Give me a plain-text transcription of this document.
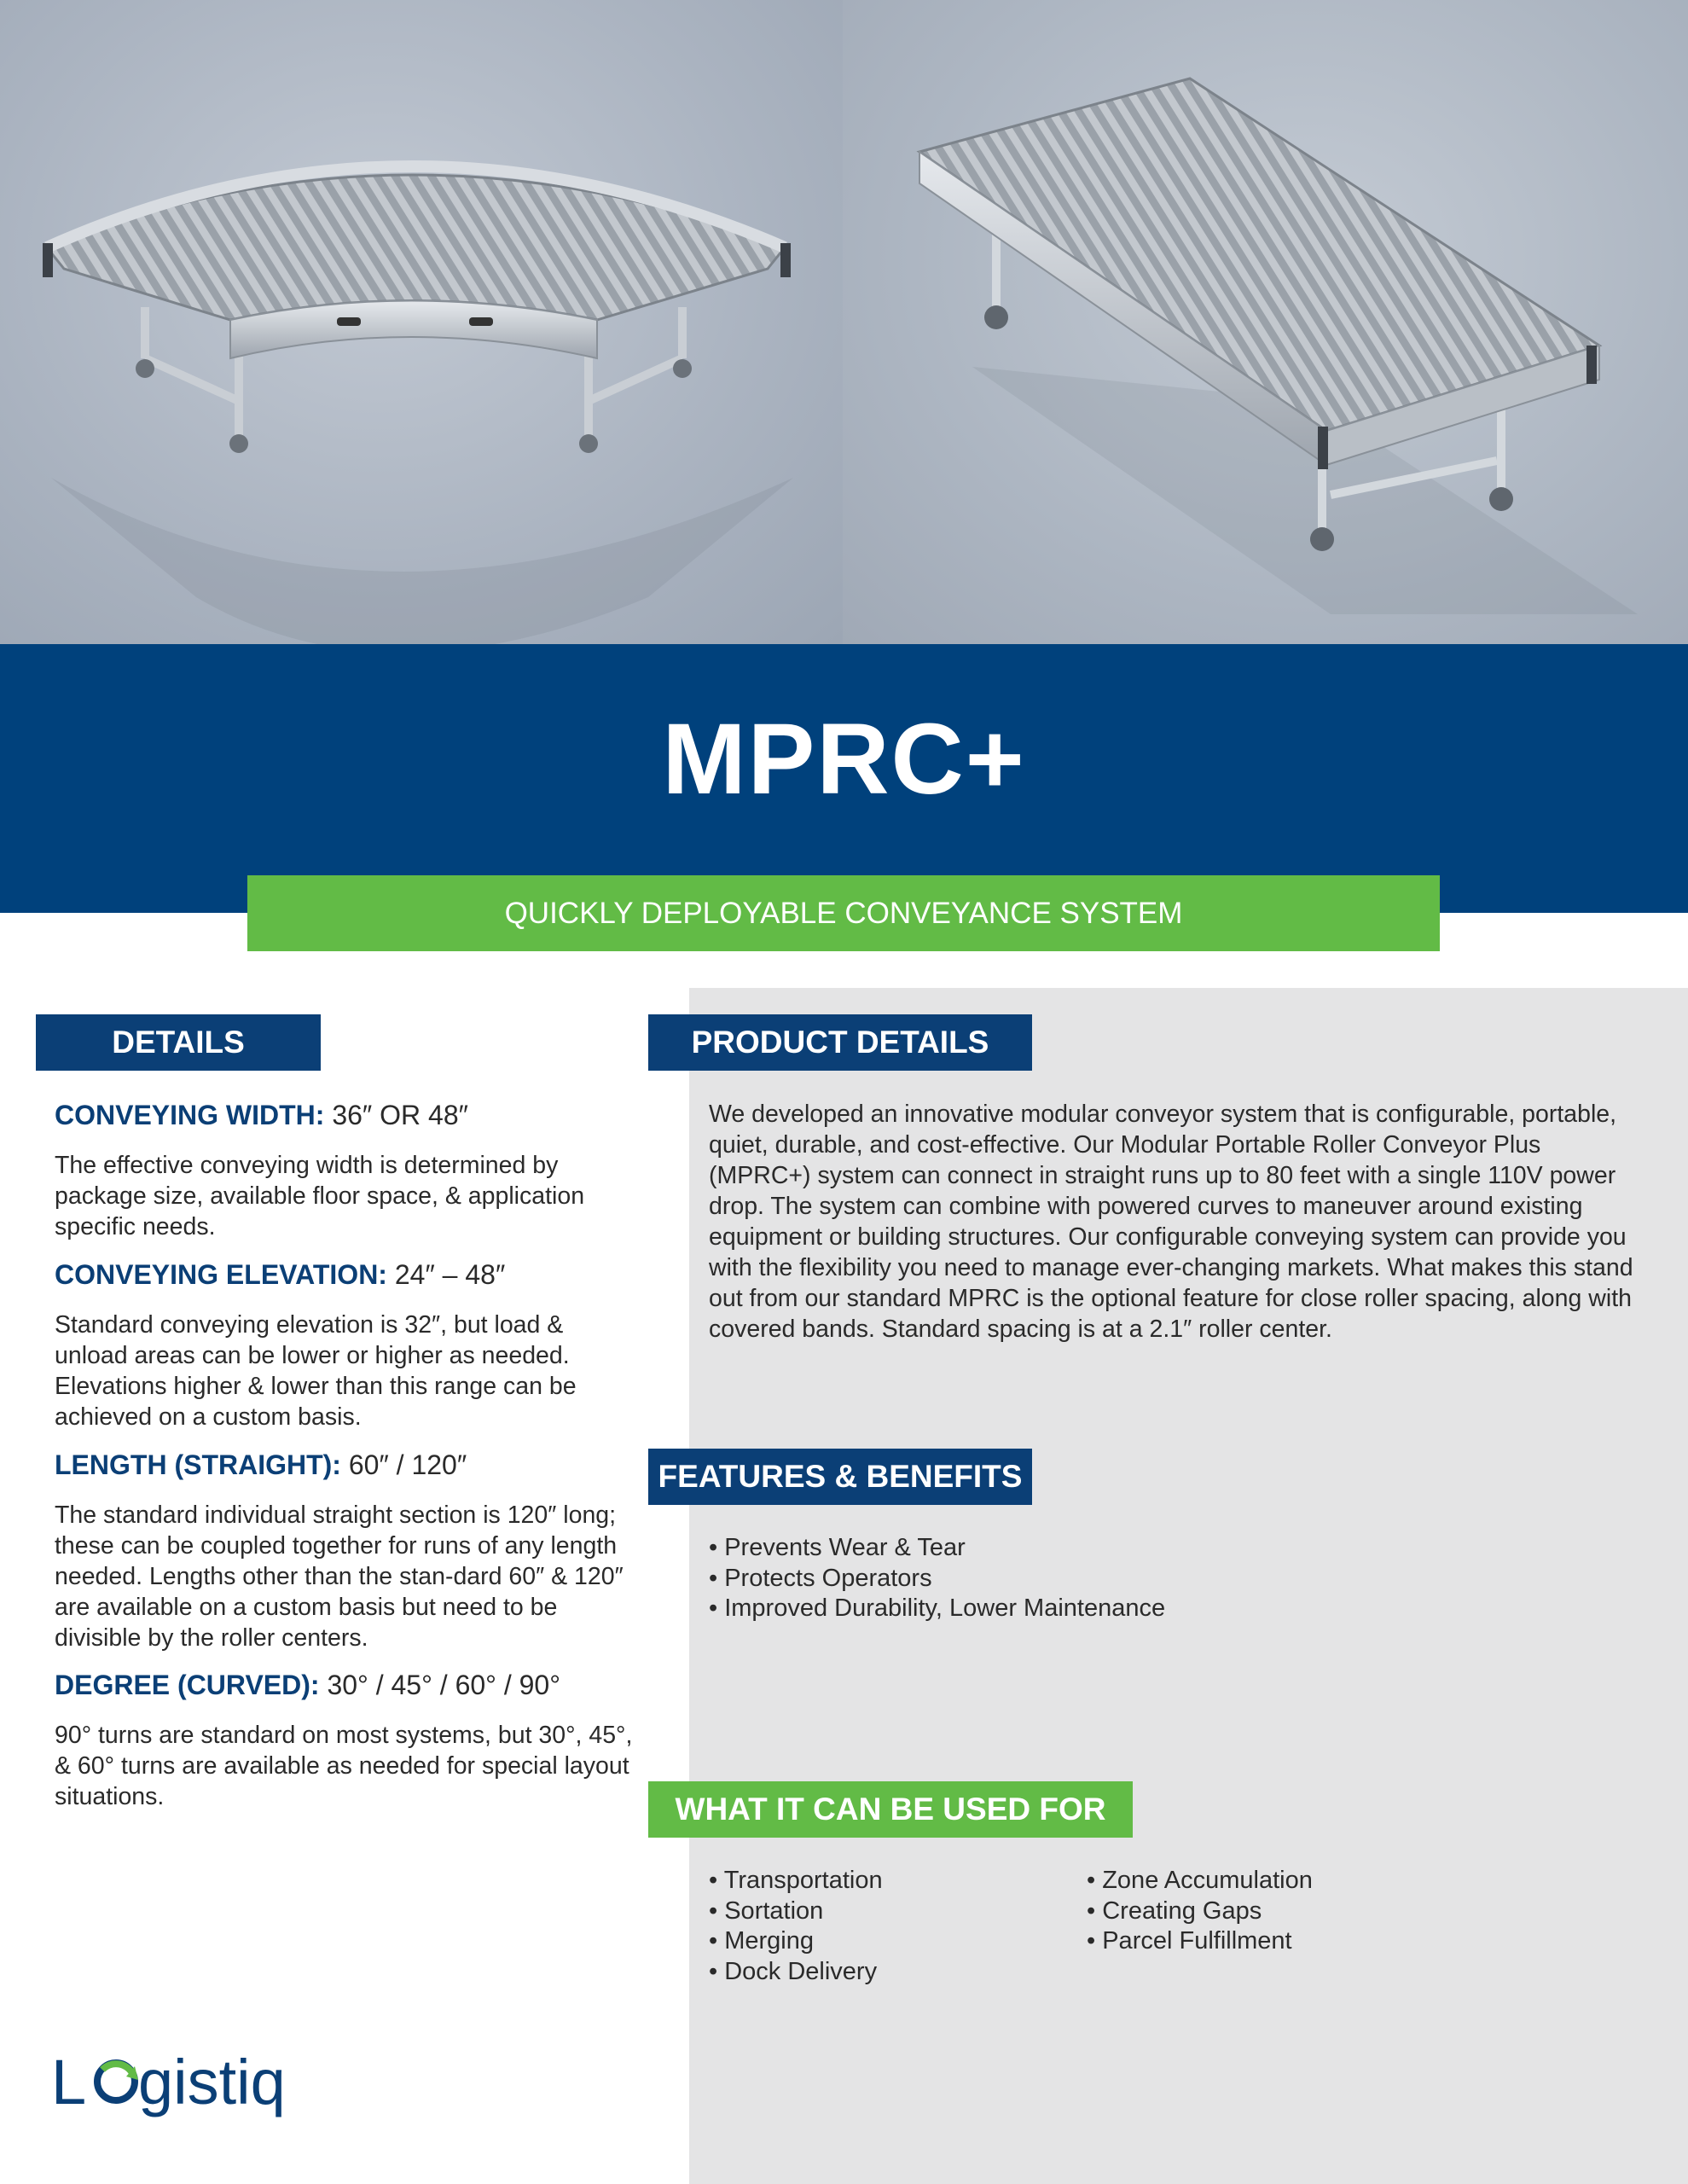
MPRC+
QUICKLY DEPLOYABLE CONVEYANCE SYSTEM
DETAILS
CONVEYING WIDTH: 36″ OR 48″

The effective conveying width is determined by package size, available floor space, & application specific needs.

CONVEYING ELEVATION: 24″ – 48″

Standard conveying elevation is 32″, but load & unload areas can be lower or higher as needed. Elevations higher & lower than this range can be achieved on a custom basis.

LENGTH (STRAIGHT): 60″ / 120″

The standard individual straight section is 120″ long; these can be coupled together for runs of any length needed. Lengths other than the stan-dard 60″ & 120″ are available on a custom basis but need to be divisible by the roller centers.

DEGREE (CURVED): 30° / 45° / 60° / 90°

90° turns are standard on most systems, but 30°, 45°, & 60° turns are available as needed for special layout situations.

PRODUCT DETAILS

We developed an innovative modular conveyor system that is configurable, portable, quiet, durable, and cost-effective. Our Modular Portable Roller Conveyor Plus (MPRC+) system can connect in straight runs up to 80 feet with a single 110V power drop. The system can combine with powered curves to maneuver around existing equipment or building structures. Our configurable conveying system can provide you with the flexibility you need to manage ever-changing markets. What makes this stand out from our standard MPRC is the optional feature for close roller spacing, along with covered bands. Standard spacing is at a 2.1″ roller center.

FEATURES & BENEFITS
• Prevents Wear & Tear
• Protects Operators
• Improved Durability, Lower Maintenance
WHAT IT CAN BE USED FOR
• Transportation
• Sortation
• Merging
• Dock Delivery
• Zone Accumulation
• Creating Gaps
• Parcel Fulfillment
L gistiq
